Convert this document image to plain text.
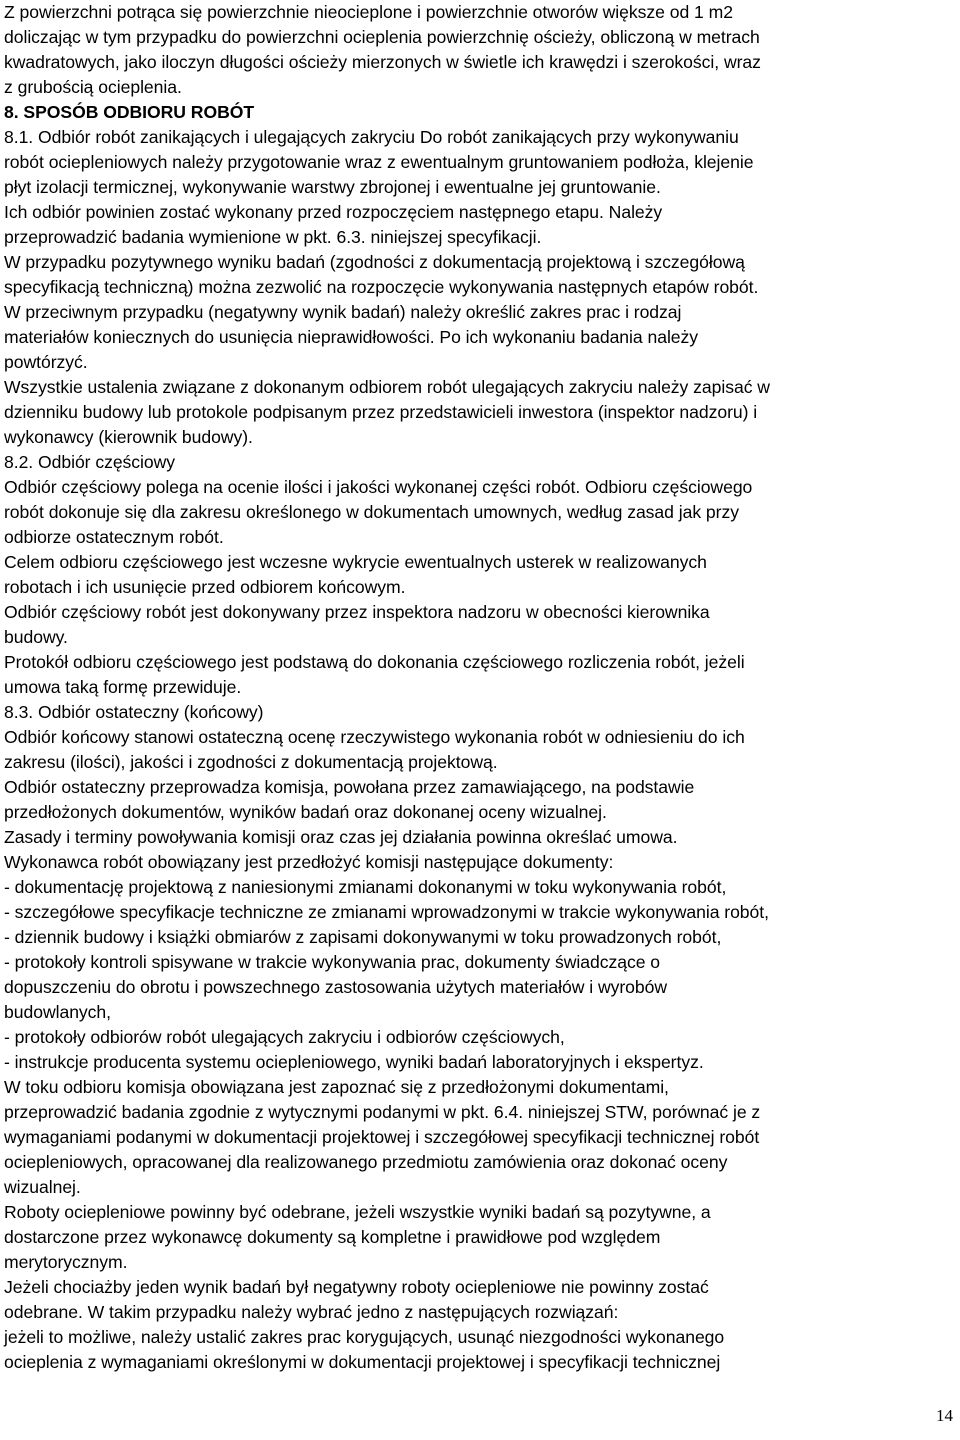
Z powierzchni potrąca się powierzchnie nieocieplone i powierzchnie otworów większe od 1 m2
doliczając w tym przypadku do powierzchni ocieplenia powierzchnię ościeży, obliczoną w metrach
kwadratowych, jako iloczyn długości ościeży mierzonych w świetle ich krawędzi i szerokości, wraz
z grubością ocieplenia.
8. SPOSÓB ODBIORU ROBÓT
8.1. Odbiór robót zanikających i ulegających zakryciu Do robót zanikających przy wykonywaniu
robót ociepleniowych należy przygotowanie wraz z ewentualnym gruntowaniem podłoża, klejenie
płyt izolacji termicznej, wykonywanie warstwy zbrojonej i ewentualne jej gruntowanie.
Ich odbiór powinien zostać wykonany przed rozpoczęciem następnego etapu. Należy
przeprowadzić badania wymienione w pkt. 6.3. niniejszej specyfikacji.
W przypadku pozytywnego wyniku badań (zgodności z dokumentacją projektową i szczegółową
specyfikacją techniczną) można zezwolić na rozpoczęcie wykonywania następnych etapów robót.
W przeciwnym przypadku (negatywny wynik badań) należy określić zakres prac i rodzaj
materiałów koniecznych do usunięcia nieprawidłowości. Po ich wykonaniu badania należy
powtórzyć.
Wszystkie ustalenia związane z dokonanym odbiorem robót ulegających zakryciu należy zapisać w
dzienniku budowy lub protokole podpisanym przez przedstawicieli inwestora (inspektor nadzoru) i
wykonawcy (kierownik budowy).
8.2. Odbiór częściowy
Odbiór częściowy polega na ocenie ilości i jakości wykonanej części robót. Odbioru częściowego
robót dokonuje się dla zakresu określonego w dokumentach umownych, według zasad jak przy
odbiorze ostatecznym robót.
Celem odbioru częściowego jest wczesne wykrycie ewentualnych usterek w realizowanych
robotach i ich usunięcie przed odbiorem końcowym.
Odbiór częściowy robót jest dokonywany przez inspektora nadzoru w obecności kierownika
budowy.
Protokół odbioru częściowego jest podstawą do dokonania częściowego rozliczenia robót, jeżeli
umowa taką formę przewiduje.
8.3. Odbiór ostateczny (końcowy)
Odbiór końcowy stanowi ostateczną ocenę rzeczywistego wykonania robót w odniesieniu do ich
zakresu (ilości), jakości i zgodności z dokumentacją projektową.
Odbiór ostateczny przeprowadza komisja, powołana przez zamawiającego, na podstawie
przedłożonych dokumentów, wyników badań oraz dokonanej oceny wizualnej.
Zasady i terminy powoływania komisji oraz czas jej działania powinna określać umowa.
Wykonawca robót obowiązany jest przedłożyć komisji następujące dokumenty:
- dokumentację projektową z naniesionymi zmianami dokonanymi w toku wykonywania robót,
- szczegółowe specyfikacje techniczne ze zmianami wprowadzonymi w trakcie wykonywania robót,
- dziennik budowy i książki obmiarów z zapisami dokonywanymi w toku prowadzonych robót,
- protokoły kontroli spisywane w trakcie wykonywania prac, dokumenty świadczące o
dopuszczeniu do obrotu i powszechnego zastosowania użytych materiałów i wyrobów
budowlanych,
- protokoły odbiorów robót ulegających zakryciu i odbiorów częściowych,
- instrukcje producenta systemu ociepleniowego, wyniki badań laboratoryjnych i ekspertyz.
W toku odbioru komisja obowiązana jest zapoznać się z przedłożonymi dokumentami,
przeprowadzić badania zgodnie z wytycznymi podanymi w pkt. 6.4. niniejszej STW, porównać je z
wymaganiami podanymi w dokumentacji projektowej i szczegółowej specyfikacji technicznej robót
ociepleniowych, opracowanej dla realizowanego przedmiotu zamówienia oraz dokonać oceny
wizualnej.
Roboty ociepleniowe powinny być odebrane, jeżeli wszystkie wyniki badań są pozytywne, a
dostarczone przez wykonawcę dokumenty są kompletne i prawidłowe pod względem
merytorycznym.
Jeżeli chociażby jeden wynik badań był negatywny roboty ociepleniowe nie powinny zostać
odebrane. W takim przypadku należy wybrać jedno z następujących rozwiązań:
jeżeli to możliwe, należy ustalić zakres prac korygujących, usunąć niezgodności wykonanego
ocieplenia z wymaganiami określonymi w dokumentacji projektowej i specyfikacji technicznej
14
